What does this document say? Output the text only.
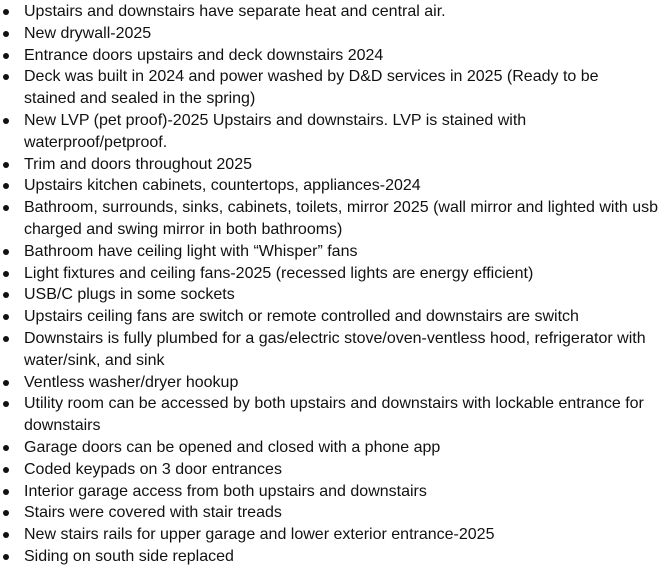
Upstairs and downstairs have separate heat and central air.
New drywall-2025
Entrance doors upstairs and deck downstairs 2024
Deck was built in 2024 and power washed by D&D services in 2025 (Ready to be stained and sealed in the spring)
New LVP (pet proof)-2025 Upstairs and downstairs. LVP is stained with waterproof/petproof.
Trim and doors throughout 2025
Upstairs kitchen cabinets, countertops, appliances-2024
Bathroom, surrounds, sinks, cabinets, toilets, mirror 2025 (wall mirror and lighted with usb charged and swing mirror in both bathrooms)
Bathroom have ceiling light with “Whisper” fans
Light fixtures and ceiling fans-2025 (recessed lights are energy efficient)
USB/C plugs in some sockets
Upstairs ceiling fans are switch or remote controlled and downstairs are switch
Downstairs is fully plumbed for a gas/electric stove/oven-ventless hood, refrigerator with water/sink, and sink
Ventless washer/dryer hookup
Utility room can be accessed by both upstairs and downstairs with lockable entrance for downstairs
Garage doors can be opened and closed with a phone app
Coded keypads on 3 door entrances
Interior garage access from both upstairs and downstairs
Stairs were covered with stair treads
New stairs rails for upper garage and lower exterior entrance-2025
Siding on south side replaced
